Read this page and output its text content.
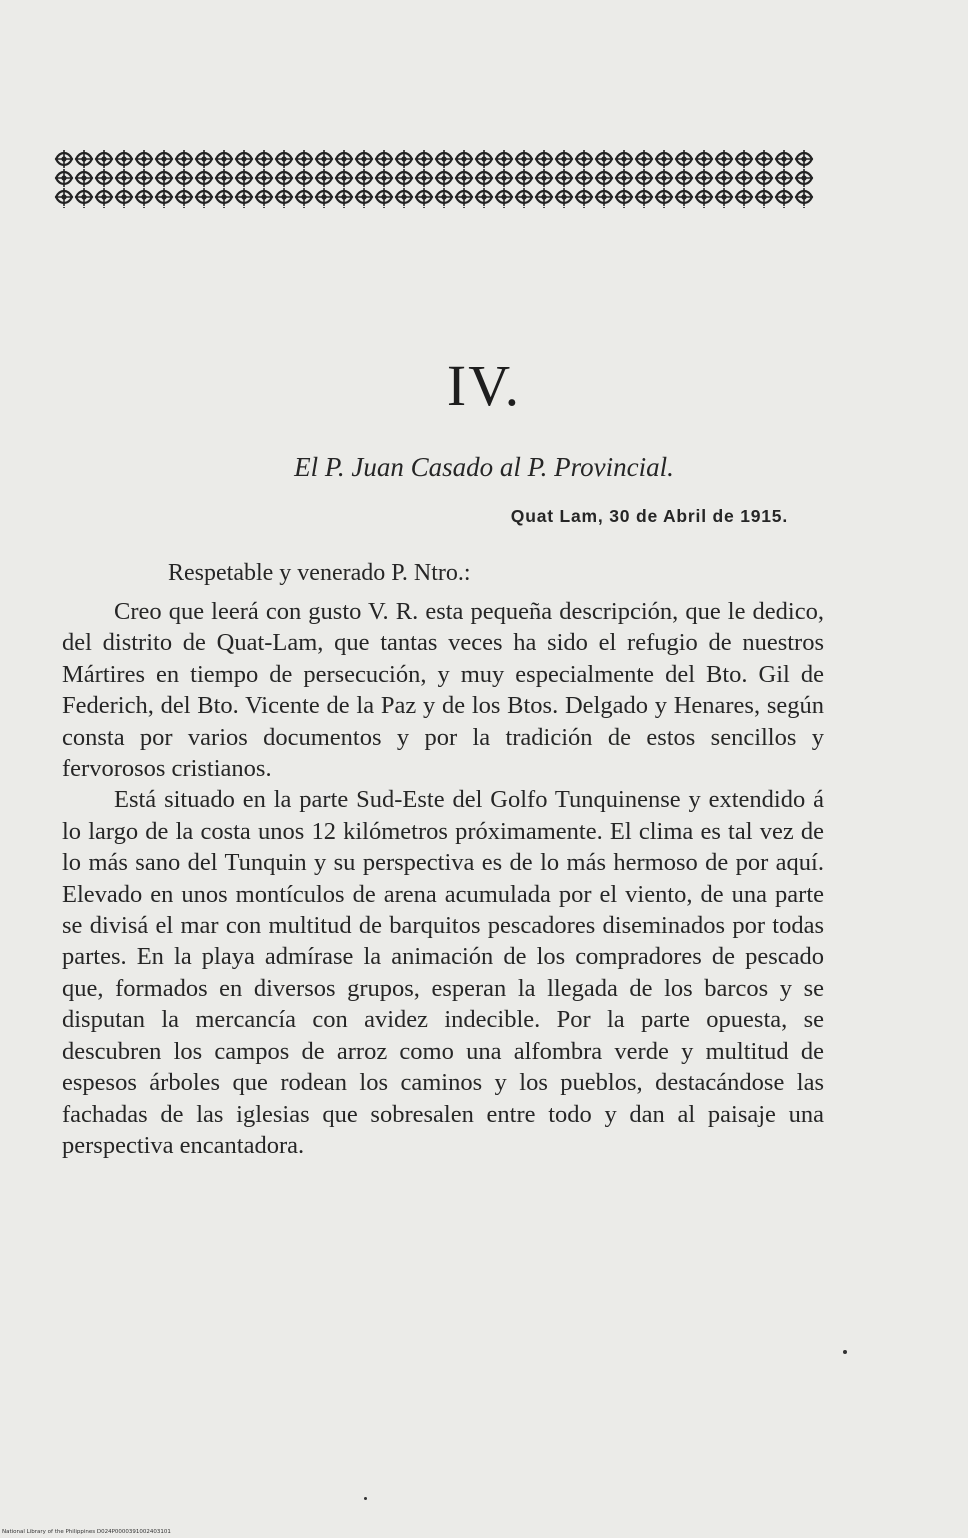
IV.
El P. Juan Casado al P. Provincial.
Quat Lam, 30 de Abril de 1915.
Respetable y venerado P. Ntro.:

Creo que leerá con gusto V. R. esta pequeña descripción, que le dedico, del distrito de Quat-Lam, que tantas veces ha sido el refugio de nuestros Mártires en tiempo de persecución, y muy especialmente del Bto. Gil de Federich, del Bto. Vicente de la Paz y de los Btos. Delgado y Henares, según consta por varios documentos y por la tradición de estos sencillos y fervorosos cristianos.

Está situado en la parte Sud-Este del Golfo Tunquinense y extendido á lo largo de la costa unos 12 kilómetros próximamente. El clima es tal vez de lo más sano del Tunquin y su perspectiva es de lo más hermoso de por aquí. Elevado en unos montículos de arena acumulada por el viento, de una parte se divisá el mar con multitud de barquitos pescadores diseminados por todas partes. En la playa admírase la animación de los compradores de pescado que, formados en diversos grupos, esperan la llegada de los barcos y se disputan la mercancía con avidez indecible. Por la parte opuesta, se descubren los campos de arroz como una alfombra verde y multitud de espesos árboles que rodean los caminos y los pueblos, destacándose las fachadas de las iglesias que sobresalen entre todo y dan al paisaje una perspectiva encantadora.

National Library of the Philippines D024P0000391002403101
